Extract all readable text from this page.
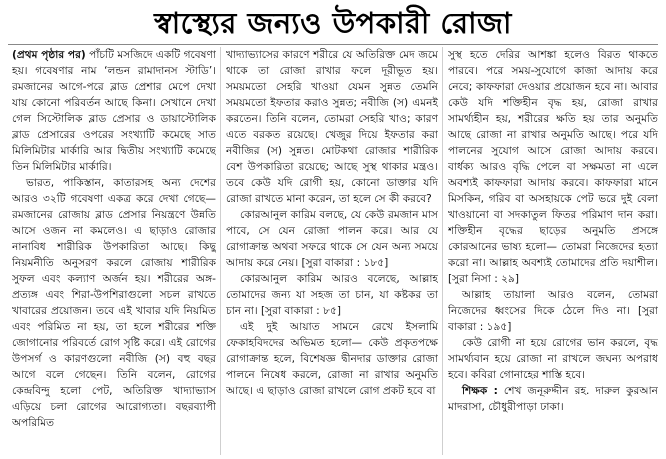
স্বাস্থ্যের জন্যও উপকারী রোজা

(প্রথম পৃষ্ঠার পর) পাঁচটি মসজিদে একটি গবেষণা হয়। গবেষণার নাম ‘লন্ডন রামাদানস স্টাডি’। রমজানের আগে-পরে ব্লাড প্রেশার মেপে দেখা যায় কোনো পরিবর্তন আছে কিনা। সেখানে দেখা গেল সিস্টোলিক ব্লাড প্রেসার ও ডায়াস্টোলিক ব্লাড প্রেসারের ওপরের সংখ্যাটি কমেছে সাত মিলিমিটার মার্কারি আর দ্বিতীয় সংখ্যাটি কমেছে তিন মিলিমিটার মার্কারি।

ভারত, পাকিস্তান, কাতারসহ অন্য দেশের আরও ৩২টি গবেষণা একত্র করে দেখা গেছে— রমজানের রোজায় ব্লাড প্রেসার নিয়ন্ত্রণে উন্নতি আসে ওজন না কমলেও। এ ছাড়াও রোজার নানাবিধ শারীরিক উপকারিতা আছে। কিছু নিয়মনীতি অনুসরণ করলে রোজায় শারীরিক সুফল এবং কল্যাণ অর্জন হয়। শরীরের অঙ্গ-প্রত্যঙ্গ এবং শিরা-উপশিরাগুলো সচল রাখতে খাবারের প্রয়োজন। তবে এই খাবার যদি নিয়মিত এবং পরিমিত না হয়, তা হলে শরীরের শক্তি জোগানোর পরিবর্তে রোগ সৃষ্টি করে। এই রোগের উপসর্গ ও কারণগুলো নবীজি (স) বহু বছর আগে বলে গেছেন। তিনি বলেন, রোগের কেন্দ্রবিন্দু হলো পেট, অতিরিক্ত খাদ্যাভ্যাস এড়িয়ে চলা রোগের আরোগ্যতা। বছরব্যাপী অপরিমিত

খাদ্যাভ্যাসের কারণে শরীরে যে অতিরিক্ত মেদ জমে থাকে তা রোজা রাখার ফলে দূরীভূত হয়। সময়মতো সেহরি খাওয়া যেমন সুন্নত তেমনি সময়মতো ইফতার করাও সুন্নত; নবীজি (স) এমনই করতেন। তিনি বলেন, তোমরা সেহরি খাও; কারণ এতে বরকত রয়েছে। খেজুর দিয়ে ইফতার করা নবীজির (স) সুন্নত। মোটকথা রোজার শারীরিক বেশ উপকারিতা রয়েছে; আছে সুস্থ থাকার মন্ত্রও। তবে কেউ যদি রোগী হয়, কোনো ডাক্তার যদি রোজা রাখতে মানা করেন, তা হলে সে কী করবে?

কোরআনুল কারিম বলছে, যে কেউ রমজান মাস পাবে, সে যেন রোজা পালন করে। আর যে রোগাক্রান্ত অথবা সফরে থাকে সে যেন অন্য সময়ে আদায় করে নেয়। [সুরা বাকারা : ১৮৫]

কোরআনুল কারিম আরও বলেছে, আল্লাহ তোমাদের জন্য যা সহজ তা চান, যা কষ্টকর তা চান না। [সুরা বাকারা : ৮৫]

এই দুই আয়াত সামনে রেখে ইসলামি ফেকাহবিদদের অভিমত হলো— কেউ প্রকৃতপক্ষে রোগাক্রান্ত হলে, বিশেষজ্ঞ দ্বীনদার ডাক্তার রোজা পালনে নিষেধ করলে, রোজা না রাখার অনুমতি আছে। এ ছাড়াও রোজা রাখলে রোগ প্রকট হবে বা

সুস্থ হতে দেরির আশঙ্কা হলেও বিরত থাকতে পারবে। পরে সময়-সুযোগে কাজা আদায় করে নেবে; কাফফারা দেওয়ার প্রয়োজন হবে না। আবার কেউ যদি শক্তিহীন বৃদ্ধ হয়, রোজা রাখার সামর্থ্যহীন হয়, শরীরের ক্ষতি হয় তার অনুমতি আছে রোজা না রাখার অনুমতি আছে। পরে যদি পালনের সুযোগ আসে রোজা আদায় করবে। বার্ধক্য আরও বৃদ্ধি পেলে বা সক্ষমতা না এলে অবশ্যই কাফফারা আদায় করবে। কাফফারা মানে মিসকিন, গরিব বা অসহায়কে পেট ভরে দুই বেলা খাওয়ানো বা সদকাতুল ফিতর পরিমাণ দান করা। শক্তিহীন বৃদ্ধের ছাড়ের অনুমতি প্রসঙ্গে কোরআনের ভাষ্য হলো— তোমরা নিজেদের হত্যা করো না। আল্লাহ অবশ্যই তোমাদের প্রতি দয়াশীল। [সুরা নিসা : ২৯]

আল্লাহ তায়ালা আরও বলেন, তোমরা নিজেদের ধ্বংসের দিকে ঠেলে দিও না। [সুরা বাকারা : ১৯৫]

কেউ রোগী না হয়ে রোগের ভান করলে, বৃদ্ধ সামর্থ্যবান হয়ে রোজা না রাখলে জঘন্য অপরাধ হবে। কবিরা গোনাহের শাস্তি হবে।

শিক্ষক : শেখ জনূরুদ্দীন রহ. দারুল কুরআন মাদরাসা, চৌধুরীপাড়া ঢাকা।
